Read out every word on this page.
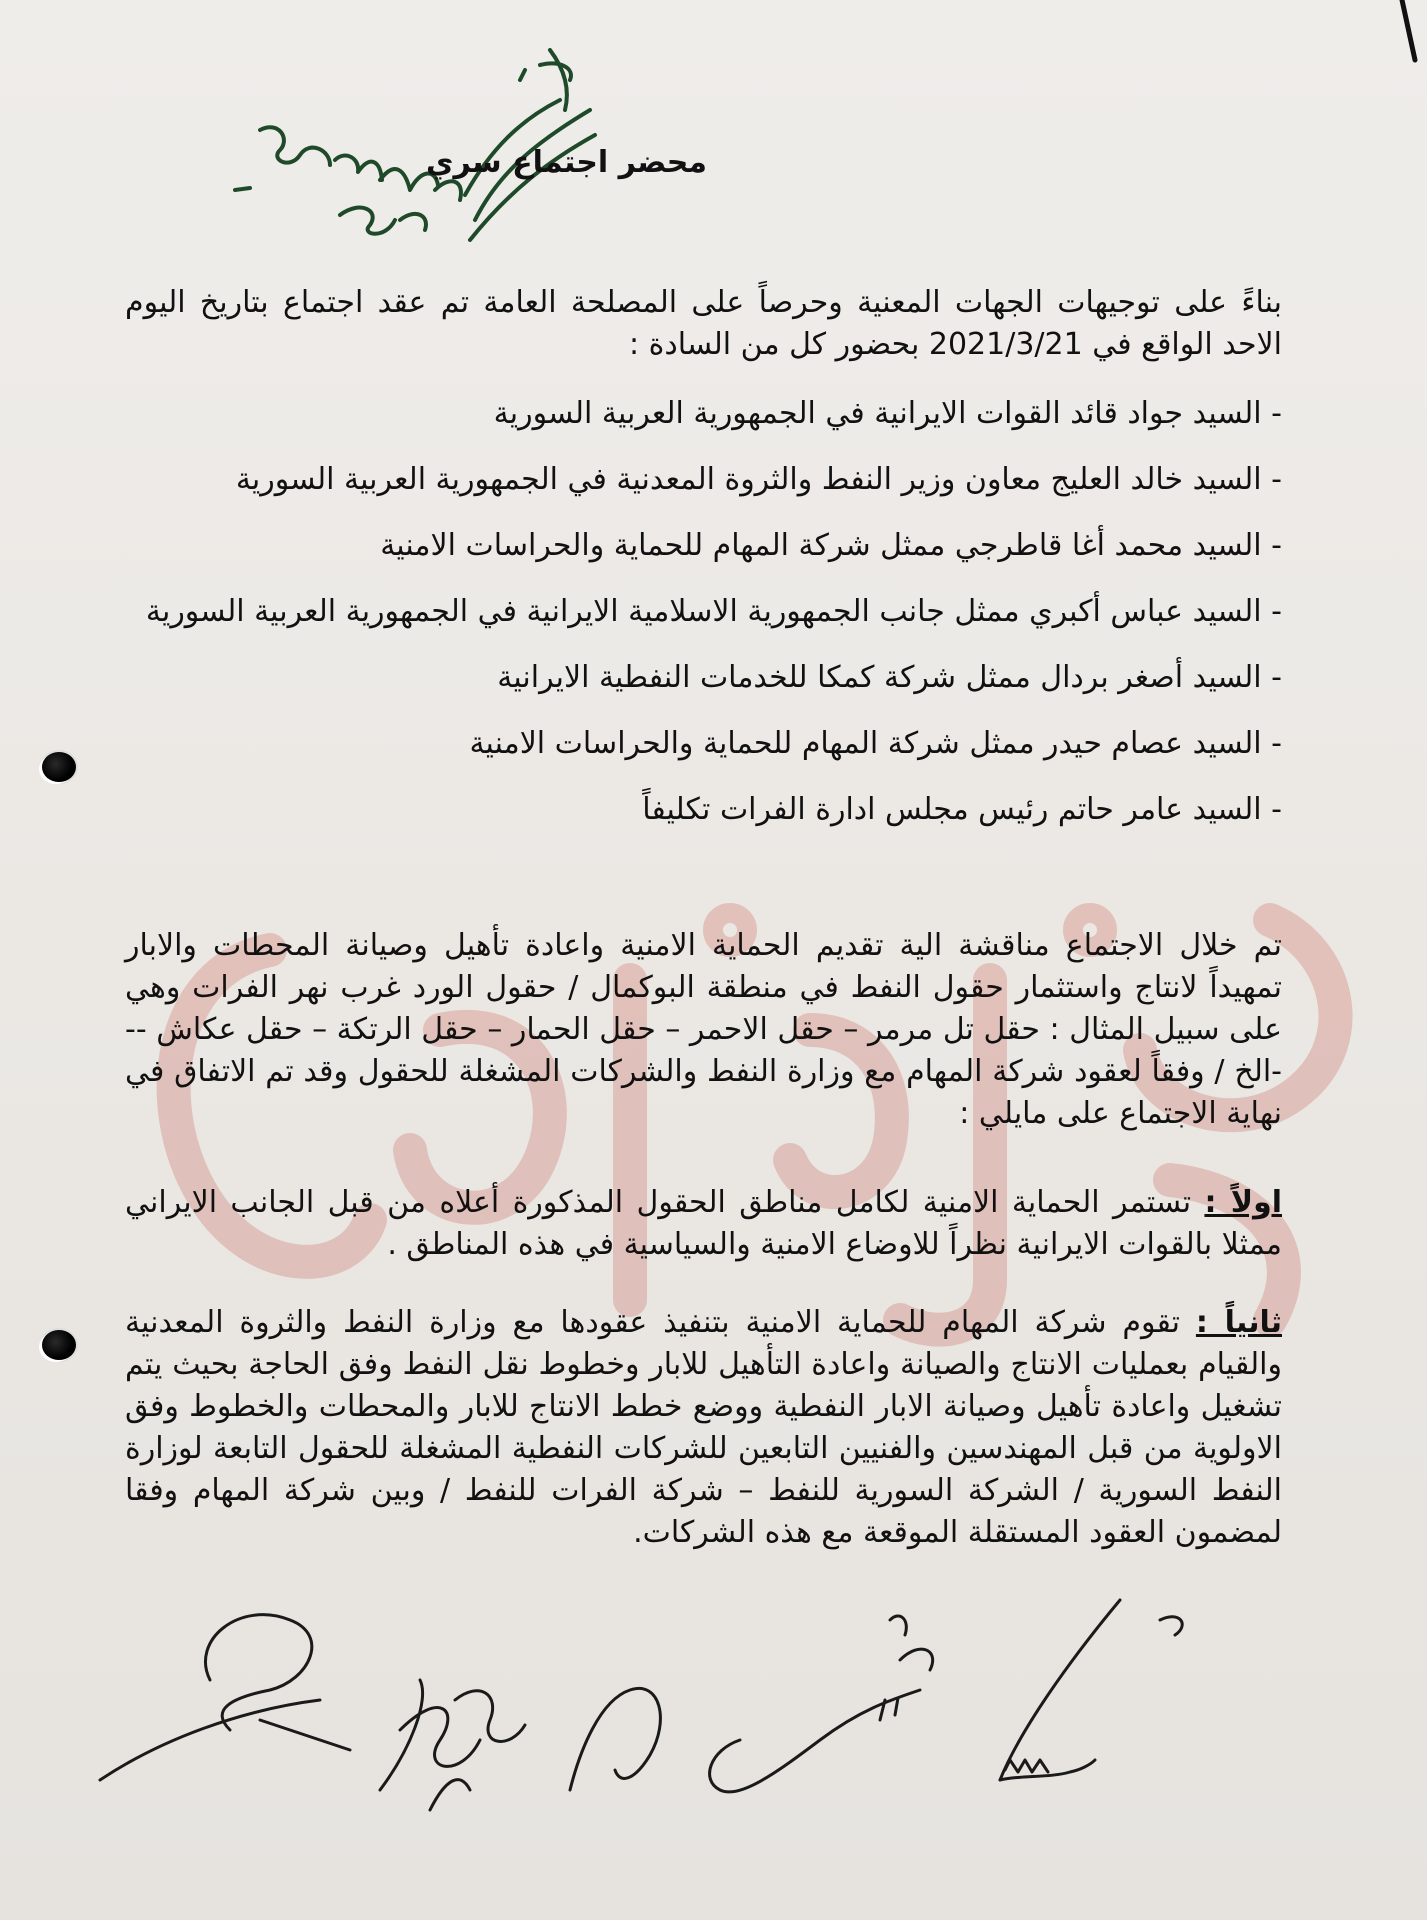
محضر اجتماع سري

بناءً على توجيهات الجهات المعنية وحرصاً على المصلحة العامة تم عقد اجتماع بتاريخ اليوم الاحد الواقع في 2021/3/21 بحضور كل من السادة :

- السيد جواد قائد القوات الايرانية في الجمهورية العربية السورية
- السيد خالد العليج معاون وزير النفط والثروة المعدنية في الجمهورية العربية السورية
- السيد محمد أغا قاطرجي ممثل شركة المهام للحماية والحراسات الامنية
- السيد عباس أكبري ممثل جانب الجمهورية الاسلامية الايرانية في الجمهورية العربية السورية
- السيد أصغر بردال ممثل شركة كمكا للخدمات النفطية الايرانية
- السيد عصام حيدر ممثل شركة المهام للحماية والحراسات الامنية
- السيد عامر حاتم رئيس مجلس ادارة الفرات تكليفاً

تم خلال الاجتماع مناقشة الية تقديم الحماية الامنية واعادة تأهيل وصيانة المحطات والابار تمهيداً لانتاج واستثمار حقول النفط في منطقة البوكمال / حقول الورد غرب نهر الفرات وهي على سبيل المثال : حقل تل مرمر – حقل الاحمر – حقل الحمار – حقل الرتكة – حقل عكاش ---الخ / وفقاً لعقود شركة المهام مع وزارة النفط والشركات المشغلة للحقول وقد تم الاتفاق في نهاية الاجتماع على مايلي :

اولاً : تستمر الحماية الامنية لكامل مناطق الحقول المذكورة أعلاه من قبل الجانب الايراني ممثلا بالقوات الايرانية نظراً للاوضاع الامنية والسياسية في هذه المناطق .

ثانياً : تقوم شركة المهام للحماية الامنية بتنفيذ عقودها مع وزارة النفط والثروة المعدنية والقيام بعمليات الانتاج والصيانة واعادة التأهيل للابار وخطوط نقل النفط وفق الحاجة بحيث يتم تشغيل واعادة تأهيل وصيانة الابار النفطية ووضع خطط الانتاج للابار والمحطات والخطوط وفق الاولوية من قبل المهندسين والفنيين التابعين للشركات النفطية المشغلة للحقول التابعة لوزارة النفط السورية / الشركة السورية للنفط – شركة الفرات للنفط / وبين شركة المهام وفقا لمضمون العقود المستقلة الموقعة مع هذه الشركات.
